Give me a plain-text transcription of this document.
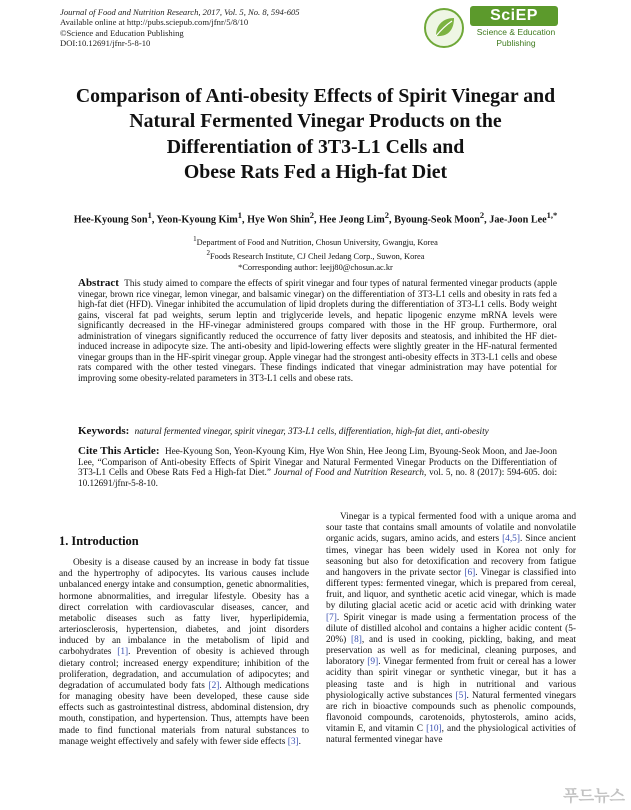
Journal of Food and Nutrition Research, 2017, Vol. 5, No. 8, 594-605
Available online at http://pubs.sciepub.com/jfnr/5/8/10
©Science and Education Publishing
DOI:10.12691/jfnr-5-8-10
SciEP
Science & Education
Publishing
Comparison of Anti-obesity Effects of Spirit Vinegar and
Natural Fermented Vinegar Products on the
Differentiation of 3T3-L1 Cells and
Obese Rats Fed a High-fat Diet
Hee-Kyoung Son$^1$, Yeon-Kyoung Kim$^1$, Hye Won Shin$^2$, Hee Jeong Lim$^2$, Byoung-Seok Moon$^2$, Jae-Joon Lee$^{1,*}$
$^1$Department of Food and Nutrition, Chosun University, Gwangju, Korea
$^2$Foods Research Institute, CJ Cheil Jedang Corp., Suwon, Korea
*Corresponding author: leejj80@chosun.ac.kr

Abstract This study aimed to compare the effects of spirit vinegar and four types of natural fermented vinegar products (apple vinegar, brown rice vinegar, lemon vinegar, and balsamic vinegar) on the differentiation of 3T3-L1 cells and obesity in rats fed a high-fat diet (HFD). Vinegar inhibited the accumulation of lipid droplets during the differentiation of 3T3-L1 cells. Body weight gains, visceral fat pad weights, serum leptin and triglyceride levels, and hepatic lipogenic enzyme mRNA levels were significantly decreased in the HF-vinegar administered groups compared with those in the HF group. Furthermore, oral administration of vinegars significantly reduced the occurrence of fatty liver deposits and steatosis, and inhibited the HF diet-induced increase in adipocyte size. The anti-obesity and lipid-lowering effects were slightly greater in the HF-natural fermented vinegar groups than in the HF-spirit vinegar group. Apple vinegar had the strongest anti-obesity effects in 3T3-L1 cells and obese rats compared with the other tested vinegars. These findings indicated that vinegar administration may have potential for improving some obesity-related parameters in 3T3-L1 cells and obese rats.

Keywords: natural fermented vinegar, spirit vinegar, 3T3-L1 cells, differentiation, high-fat diet, anti-obesity

Cite This Article: Hee-Kyoung Son, Yeon-Kyoung Kim, Hye Won Shin, Hee Jeong Lim, Byoung-Seok Moon, and Jae-Joon Lee, “Comparison of Anti-obesity Effects of Spirit Vinegar and Natural Fermented Vinegar Products on the Differentiation of 3T3-L1 Cells and Obese Rats Fed a High-fat Diet.” Journal of Food and Nutrition Research, vol. 5, no. 8 (2017): 594-605. doi: 10.12691/jfnr-5-8-10.

1. Introduction

Obesity is a disease caused by an increase in body fat tissue and the hypertrophy of adipocytes. Its various causes include unbalanced energy intake and consumption, genetic abnormalities, hormone abnormalities, and irregular lifestyle. Obesity has a direct correlation with cardiovascular diseases, cancer, and metabolic diseases such as fatty liver, hyperlipidemia, arteriosclerosis, hypertension, diabetes, and joint disorders induced by an imbalance in the metabolism of lipid and carbohydrates [1]. Prevention of obesity is achieved through dietary control; increased energy expenditure; inhibition of the proliferation, degradation, and accumulation of adipocytes; and degradation of accumulated body fats [2]. Although medications for managing obesity have been developed, these cause side effects such as gastrointestinal distress, abdominal distension, dry mouth, constipation, and hypertension. Thus, attempts have been made to find functional materials from natural substances to manage weight effectively and safely with fewer side effects [3].

Vinegar is a typical fermented food with a unique aroma and sour taste that contains small amounts of volatile and nonvolatile organic acids, sugars, amino acids, and esters [4,5]. Since ancient times, vinegar has been widely used in Korea not only for seasoning but also for detoxification and recovery from fatigue and hangovers in the private sector [6]. Vinegar is classified into different types: fermented vinegar, which is prepared from cereal, fruit, and liquor, and synthetic acetic acid vinegar, which is made by diluting glacial acetic acid or acetic acid with drinking water [7]. Spirit vinegar is made using a fermentation process of the dilute of distilled alcohol and contains a higher acidic content (5-20%) [8], and is used in cooking, pickling, baking, and meat preservation as well as for medicinal, cleaning purposes, and laboratory [9]. Vinegar fermented from fruit or cereal has a lower acidity than spirit vinegar or synthetic vinegar, but it has a pleasing taste and is high in nutritional and various physiologically active substances [5]. Natural fermented vinegars are rich in bioactive compounds such as phenolic compounds, flavonoid compounds, carotenoids, phytosterols, amino acids, vitamin E, and vitamin C [10], and the physiological activities of natural fermented vinegar have

푸드뉴스
